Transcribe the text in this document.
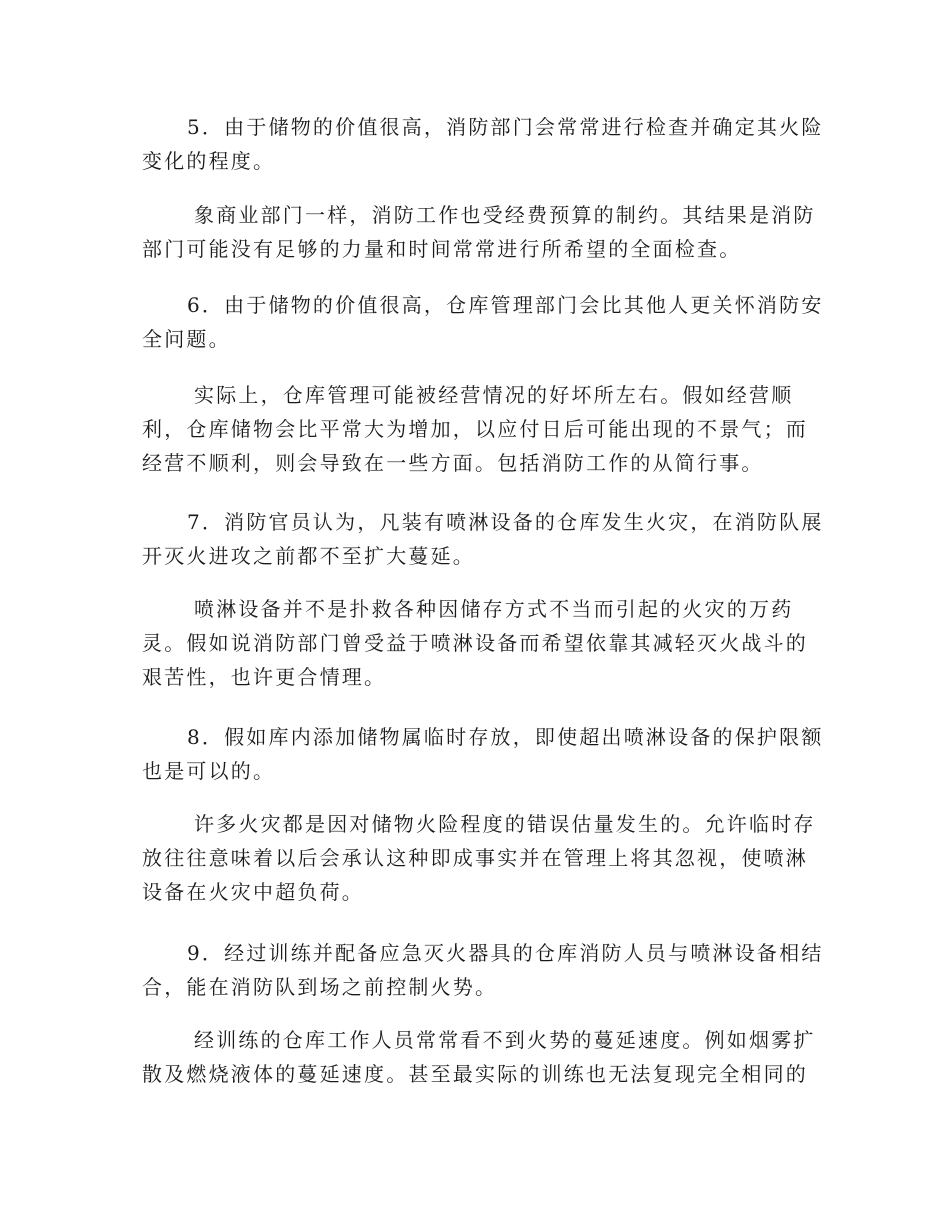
5．由于储物的价值很高，消防部门会常常进行检查并确定其火险
变化的程度。

象商业部门一样，消防工作也受经费预算的制约。其结果是消防
部门可能没有足够的力量和时间常常进行所希望的全面检查。

6．由于储物的价值很高，仓库管理部门会比其他人更关怀消防安
全问题。

实际上，仓库管理可能被经营情况的好坏所左右。假如经营顺
利，仓库储物会比平常大为增加，以应付日后可能出现的不景气；而
经营不顺利，则会导致在一些方面。包括消防工作的从简行事。

7．消防官员认为，凡装有喷淋设备的仓库发生火灾，在消防队展
开灭火进攻之前都不至扩大蔓延。

喷淋设备并不是扑救各种因储存方式不当而引起的火灾的万药
灵。假如说消防部门曾受益于喷淋设备而希望依靠其减轻灭火战斗的
艰苦性，也许更合情理。

8．假如库内添加储物属临时存放，即使超出喷淋设备的保护限额
也是可以的。

许多火灾都是因对储物火险程度的错误估量发生的。允许临时存
放往往意味着以后会承认这种即成事实并在管理上将其忽视，使喷淋
设备在火灾中超负荷。

9．经过训练并配备应急灭火器具的仓库消防人员与喷淋设备相结
合，能在消防队到场之前控制火势。

经训练的仓库工作人员常常看不到火势的蔓延速度。例如烟雾扩
散及燃烧液体的蔓延速度。甚至最实际的训练也无法复现完全相同的
